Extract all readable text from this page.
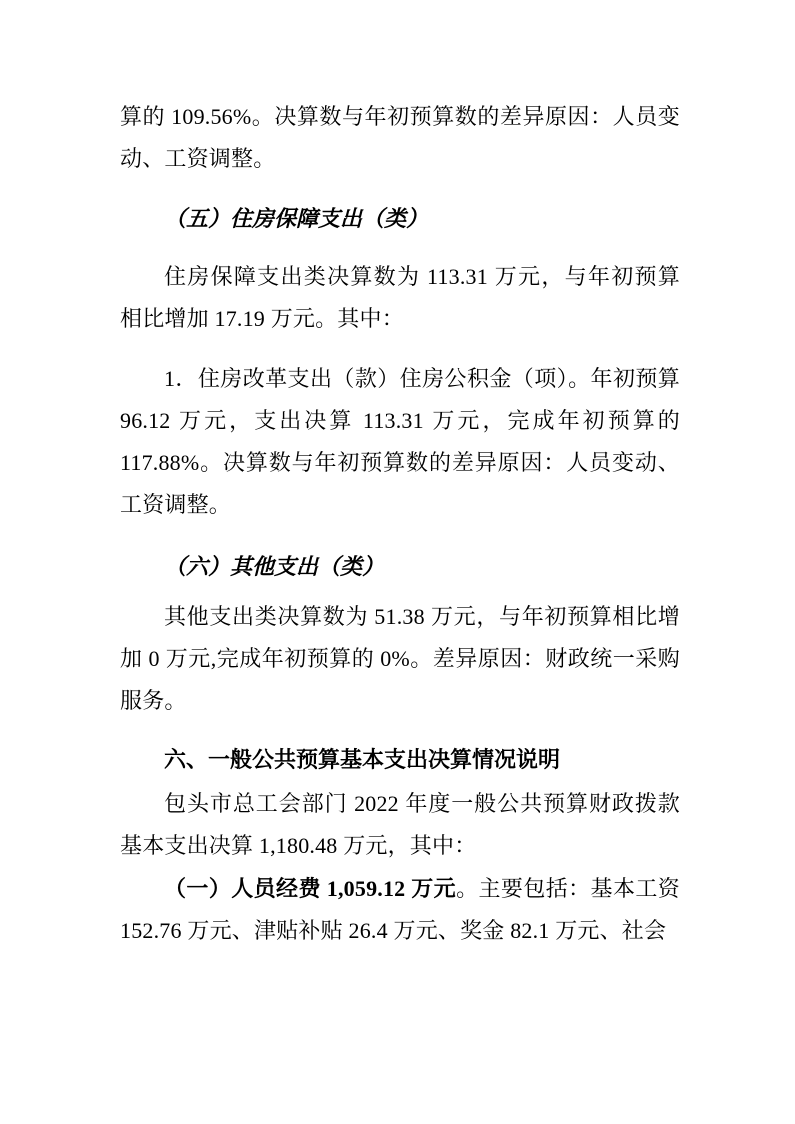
算的 109.56%。决算数与年初预算数的差异原因：人员变动、工资调整。

（五）住房保障支出（类）

住房保障支出类决算数为 113.31 万元，与年初预算相比增加 17.19 万元。其中：

1．住房改革支出（款）住房公积金（项）。年初预算 96.12 万元，支出决算 113.31 万元，完成年初预算的 117.88%。决算数与年初预算数的差异原因：人员变动、工资调整。

（六）其他支出（类）

其他支出类决算数为 51.38 万元，与年初预算相比增加 0 万元,完成年初预算的 0%。差异原因：财政统一采购服务。

六、一般公共预算基本支出决算情况说明

包头市总工会部门 2022 年度一般公共预算财政拨款基本支出决算 1,180.48 万元，其中：

（一）人员经费 1,059.12 万元。主要包括：基本工资 152.76 万元、津贴补贴 26.4 万元、奖金 82.1 万元、社会
